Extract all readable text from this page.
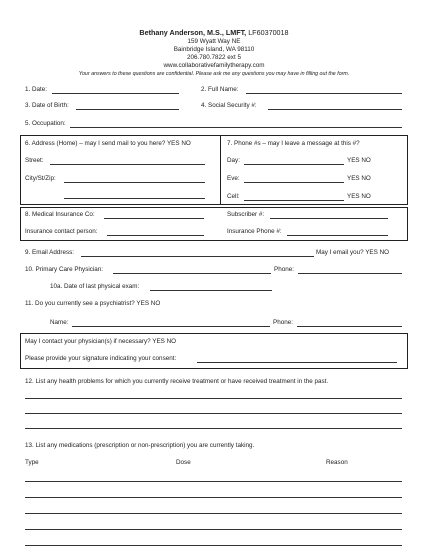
Bethany Anderson, M.S., LMFT, LF60370018
159 Wyatt Way NE
Bainbridge Island, WA 98110
206.780.7822 ext 5
www.collaborativefamilytherapy.com
Your answers to these questions are confidential. Please ask me any questions you may have in filling out the form.
1. Date:	2. Full Name:
3. Date of Birth:	4. Social Security #:
5. Occupation:
6. Address (Home) – may I send mail to you here? YES NO
Street:
City/St/Zip:
7. Phone #s – may I leave a message at this #?
Day:	YES NO
Eve:	YES NO
Cell:	YES NO
8. Medical Insurance Co:	Subscriber #:
Insurance contact person:	Insurance Phone #:
9. Email Address:	May I email you? YES NO
10. Primary Care Physician:	Phone:
10a. Date of last physical exam:
11. Do you currently see a psychiatrist? YES NO
Name:	Phone:
May I contact your physician(s) if necessary? YES NO
Please provide your signature indicating your consent:
12. List any health problems for which you currently receive treatment or have received treatment in the past.
13. List any medications (prescription or non-prescription) you are currently taking.
Type	Dose	Reason
